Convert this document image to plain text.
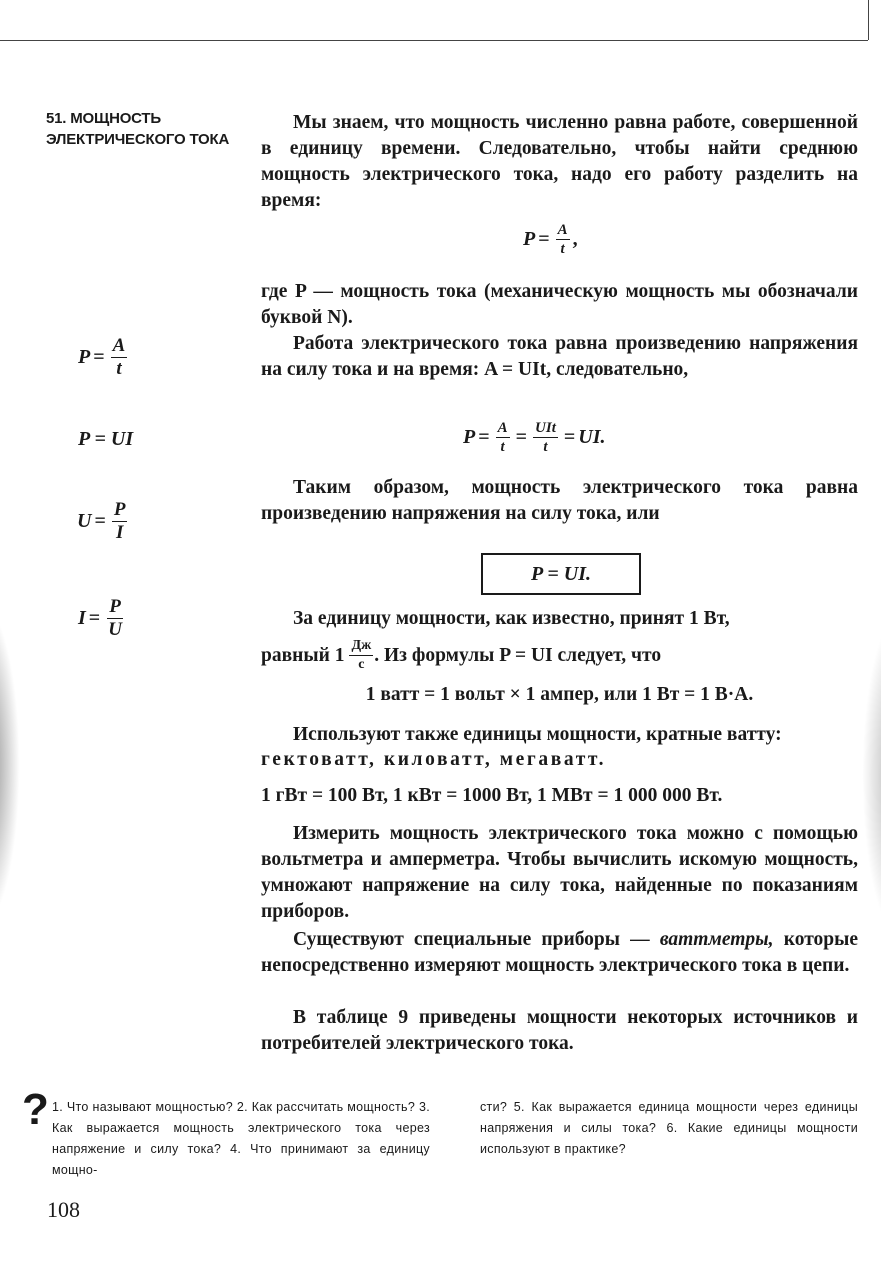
51. МОЩНОСТЬ ЭЛЕКТРИЧЕСКОГО ТОКА
Мы знаем, что мощность численно равна работе, совершенной в единицу времени. Следовательно, чтобы найти среднюю мощность электрического тока, надо его работу разделить на время:
$P = \frac{A}{t}$ ,
где P — мощность тока (механическую мощность мы обозначали буквой N).
Работа электрического тока равна произведению напряжения на силу тока и на время: A = UIt, следовательно,
$P = \frac{A}{t} = \frac{\text{UIt}}{t}$ = UI.
Таким образом, мощность электрического тока равна произведению напряжения на силу тока, или
P = UI.
За единицу мощности, как известно, принят 1 Вт,
равный $1 \frac{Дж}{с}$ . Из формулы P = UI следует, что
1 ватт = 1 вольт × 1 ампер, или 1 Вт = 1 В·А.
Используют также единицы мощности, кратные ватту:
гектоватт, киловатт, мегаватт.
1 гВт = 100 Вт, 1 кВт = 1000 Вт, 1 МВт = 1 000 000 Вт.
Измерить мощность электрического тока можно с помощью вольтметра и амперметра. Чтобы вычислить искомую мощность, умножают напряжение на силу тока, найденные по показаниям приборов.
Существуют специальные приборы — ваттметры, которые непосредственно измеряют мощность электрического тока в цепи.
В таблице 9 приведены мощности некоторых источников и потребителей электрического тока.
$P = \frac{A}{t}$
P = UI
$U = \frac{P}{I}$
$I = \frac{P}{U}$
? 1. Что называют мощностью? 2. Как рассчитать мощность? 3. Как выражается мощность электрического тока через напряжение и силу тока? 4. Что принимают за единицу мощно-
сти? 5. Как выражается единица мощности через единицы напряжения и силы тока? 6. Какие единицы мощности используют в практике?
108
